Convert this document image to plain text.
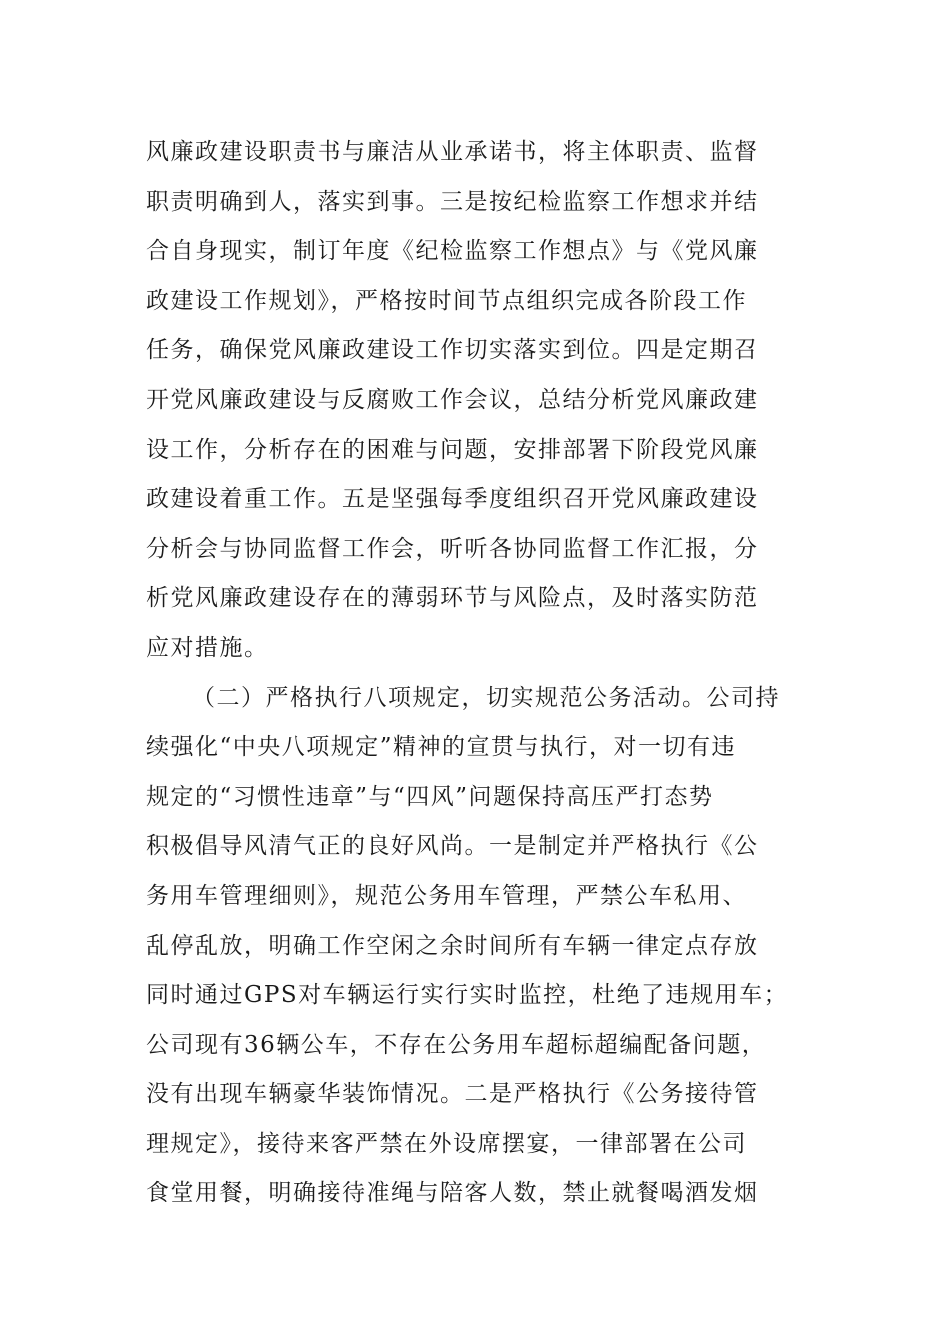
风廉政建设职责书与廉洁从业承诺书，将主体职责、监督
职责明确到人，落实到事。三是按纪检监察工作想求并结
合自身现实，制订年度《纪检监察工作想点》与《党风廉
政建设工作规划》，严格按时间节点组织完成各阶段工作
任务，确保党风廉政建设工作切实落实到位。四是定期召
开党风廉政建设与反腐败工作会议，总结分析党风廉政建
设工作，分析存在的困难与问题，安排部署下阶段党风廉
政建设着重工作。五是坚强每季度组织召开党风廉政建设
分析会与协同监督工作会，听听各协同监督工作汇报，分
析党风廉政建设存在的薄弱环节与风险点，及时落实防范
应对措施。
（二）严格执行八项规定，切实规范公务活动。公司持
续强化“中央八项规定”精神的宣贯与执行，对一切有违
规定的“习惯性违章”与“四风”问题保持高压严打态势
积极倡导风清气正的良好风尚。一是制定并严格执行《公
务用车管理细则》，规范公务用车管理，严禁公车私用、
乱停乱放，明确工作空闲之余时间所有车辆一律定点存放
同时通过GPS对车辆运行实行实时监控，杜绝了违规用车；
公司现有36辆公车，不存在公务用车超标超编配备问题，
没有出现车辆豪华装饰情况。二是严格执行《公务接待管
理规定》，接待来客严禁在外设席摆宴，一律部署在公司
食堂用餐，明确接待准绳与陪客人数，禁止就餐喝酒发烟
